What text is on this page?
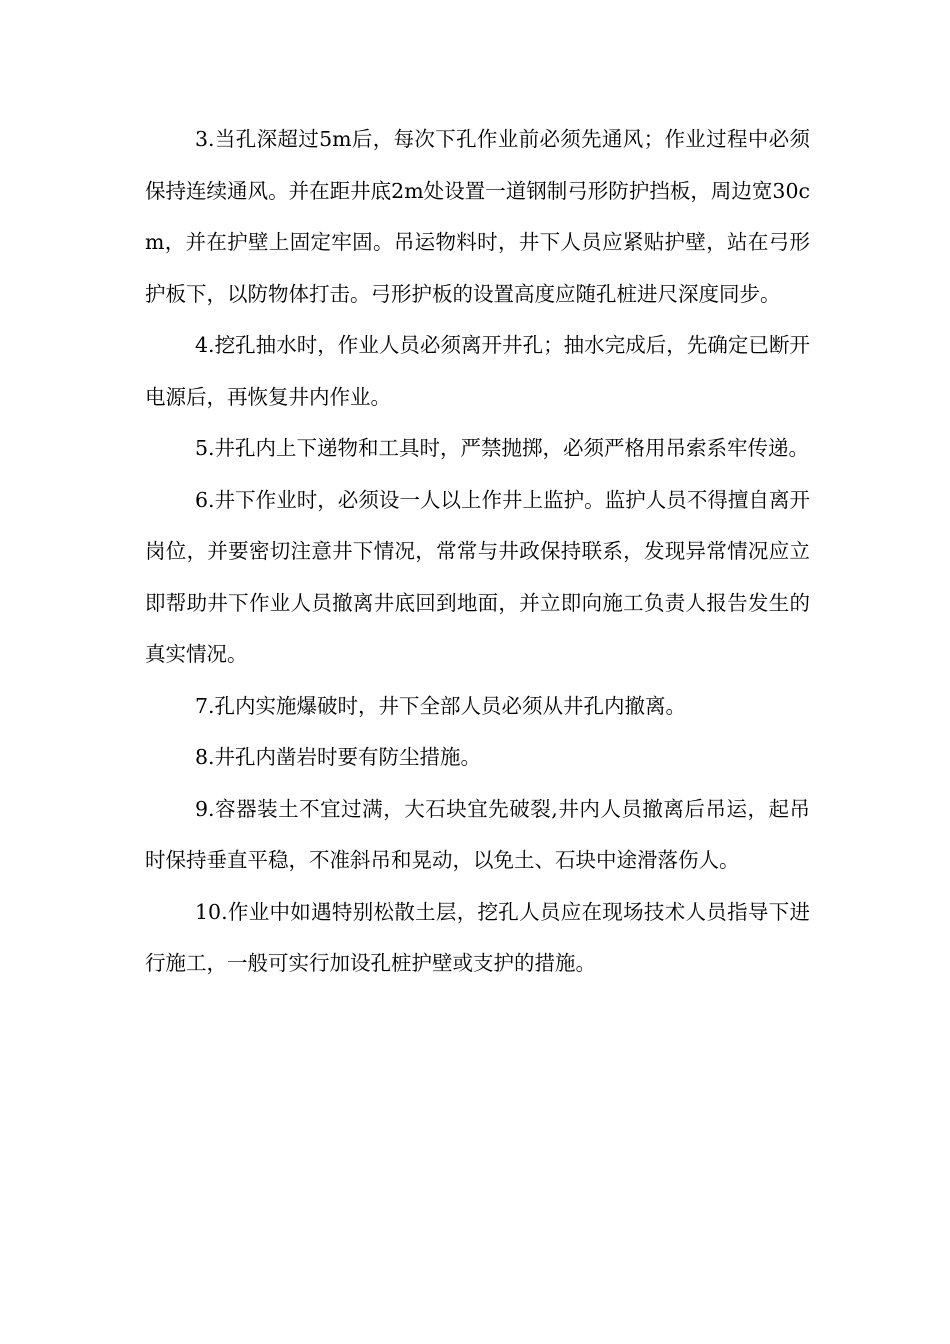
3.当孔深超过5m后，每次下孔作业前必须先通风；作业过程中必须保持连续通风。并在距井底2m处设置一道钢制弓形防护挡板，周边宽30cm，并在护壁上固定牢固。吊运物料时，井下人员应紧贴护壁，站在弓形护板下，以防物体打击。弓形护板的设置高度应随孔桩进尺深度同步。

4.挖孔抽水时，作业人员必须离开井孔；抽水完成后，先确定已断开电源后，再恢复井内作业。

5.井孔内上下递物和工具时，严禁抛掷，必须严格用吊索系牢传递。

6.井下作业时，必须设一人以上作井上监护。监护人员不得擅自离开岗位，并要密切注意井下情况，常常与井政保持联系，发现异常情况应立即帮助井下作业人员撤离井底回到地面，并立即向施工负责人报告发生的真实情况。

7.孔内实施爆破时，井下全部人员必须从井孔内撤离。

8.井孔内凿岩时要有防尘措施。

9.容器装土不宜过满，大石块宜先破裂,井内人员撤离后吊运，起吊时保持垂直平稳，不准斜吊和晃动，以免土、石块中途滑落伤人。

10.作业中如遇特别松散土层，挖孔人员应在现场技术人员指导下进行施工，一般可实行加设孔桩护壁或支护的措施。
